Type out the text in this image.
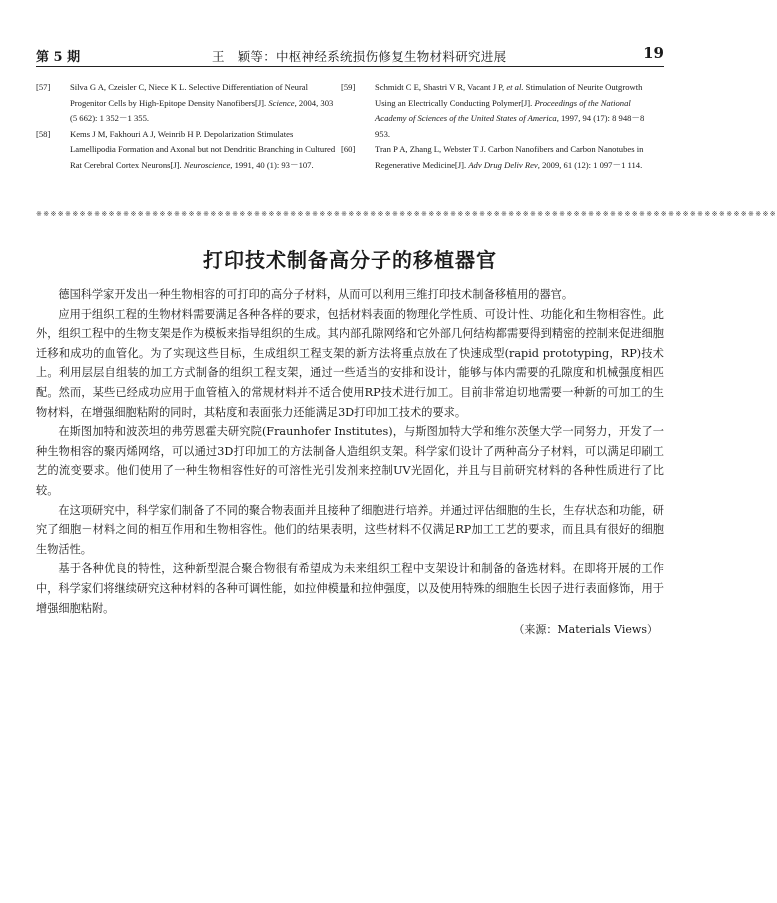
第 5 期	王　颖等：中枢神经系统损伤修复生物材料研究进展	19
[57] Silva G A, Czeisler C, Niece K L. Selective Differentiation of Neural Progenitor Cells by High-Epitope Density Nanofibers[J]. Science, 2004, 303 (5 662): 1 352－1 355.
[58] Kems J M, Fakhouri A J, Weinrib H P. Depolarization Stimulates Lamellipodia Formation and Axonal but not Dendritic Branching in Cultured Rat Cerebral Cortex Neurons[J]. Neuroscience, 1991, 40 (1): 93－107.
[59] Schmidt C E, Shastri V R, Vacant J P, et al. Stimulation of Neurite Outgrowth Using an Electrically Conducting Polymer[J]. Proceedings of the National Academy of Sciences of the United States of America, 1997, 94 (17): 8 948－8 953.
[60] Tran P A, Zhang L, Webster T J. Carbon Nanofibers and Carbon Nanotubes in Regenerative Medicine[J]. Adv Drug Deliv Rev, 2009, 61 (12): 1 097－1 114.
※※※※※※※※※※※※※※※※※※※※※※※※※※※※※※※※※※※※※※※※※※※※※※※※※※※※※※※※※※※※※※※※※※※※※※※※※※※※※※※※※※※※※※※※※※※※※※※※※※※※※※
打印技术制备高分子的移植器官

德国科学家开发出一种生物相容的可打印的高分子材料，从而可以利用三维打印技术制备移植用的器官。

应用于组织工程的生物材料需要满足各种各样的要求，包括材料表面的物理化学性质、可设计性、功能化和生物相容性。此外，组织工程中的生物支架是作为模板来指导组织的生成。其内部孔隙网络和它外部几何结构都需要得到精密的控制来促进细胞迁移和成功的血管化。为了实现这些目标，生成组织工程支架的新方法将重点放在了快速成型(rapid prototyping，RP)技术上。利用层层自组装的加工方式制备的组织工程支架，通过一些适当的安排和设计，能够与体内需要的孔隙度和机械强度相匹配。然而，某些已经成功应用于血管植入的常规材料并不适合使用RP技术进行加工。目前非常迫切地需要一种新的可加工的生物材料，在增强细胞粘附的同时，其粘度和表面张力还能满足3D打印加工技术的要求。

在斯图加特和波茨坦的弗劳恩霍夫研究院(Fraunhofer Institutes)，与斯图加特大学和维尔茨堡大学一同努力，开发了一种生物相容的聚丙烯网络，可以通过3D打印加工的方法制备人造组织支架。科学家们设计了两种高分子材料，可以满足印刷工艺的流变要求。他们使用了一种生物相容性好的可溶性光引发剂来控制UV光固化，并且与目前研究材料的各种性质进行了比较。

在这项研究中，科学家们制备了不同的聚合物表面并且接种了细胞进行培养。并通过评估细胞的生长，生存状态和功能，研究了细胞－材料之间的相互作用和生物相容性。他们的结果表明，这些材料不仅满足RP加工工艺的要求，而且具有很好的细胞生物活性。

基于各种优良的特性，这种新型混合聚合物很有希望成为未来组织工程中支架设计和制备的备选材料。在即将开展的工作中，科学家们将继续研究这种材料的各种可调性能，如拉伸模量和拉伸强度，以及使用特殊的细胞生长因子进行表面修饰，用于增强细胞粘附。

（来源：Materials Views）
